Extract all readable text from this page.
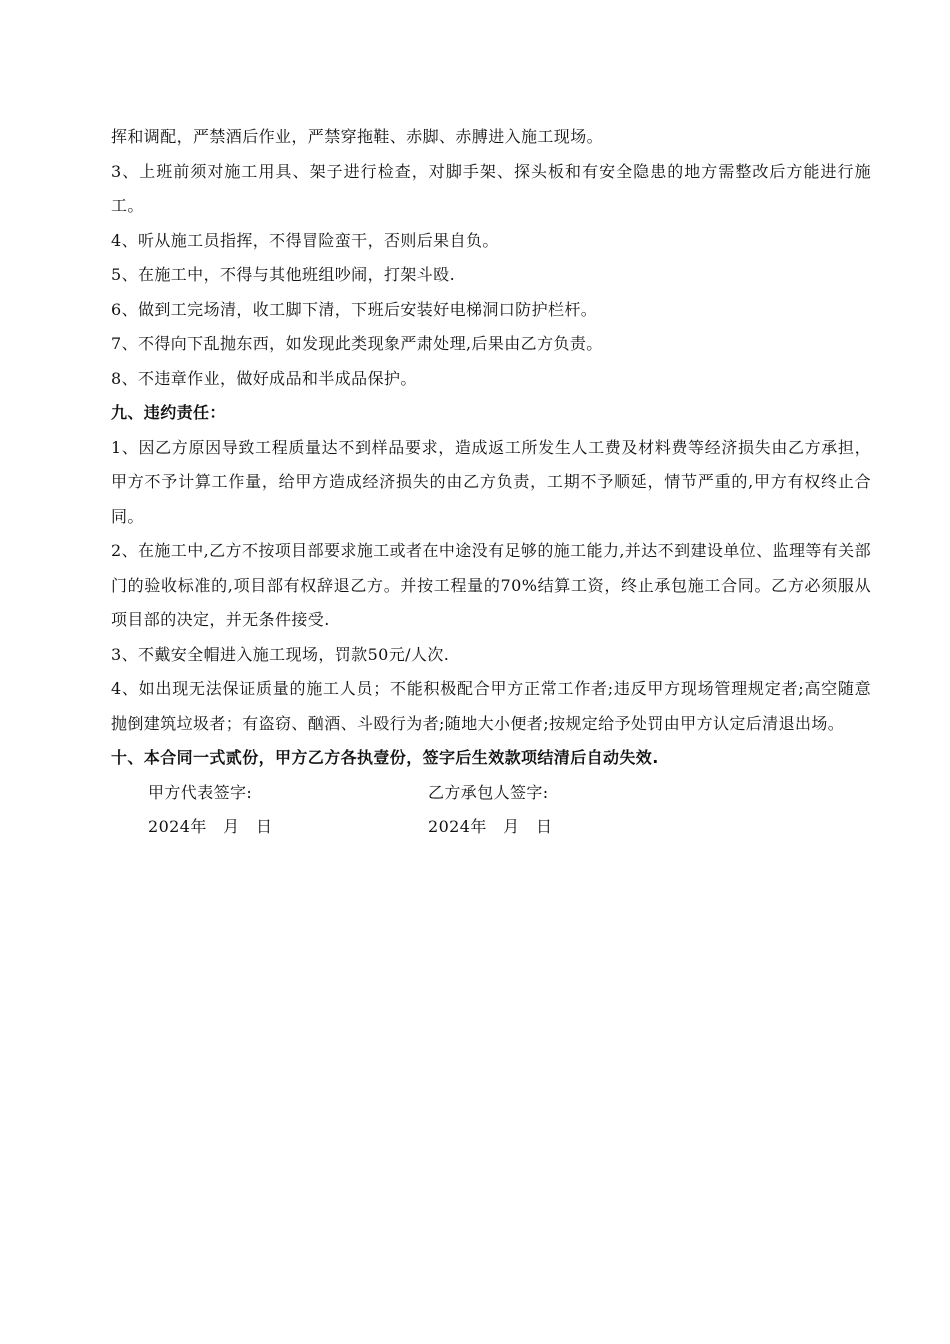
挥和调配，严禁酒后作业，严禁穿拖鞋、赤脚、赤膊进入施工现场。

3、上班前须对施工用具、架子进行检查，对脚手架、探头板和有安全隐患的地方需整改后方能进行施工。

4、听从施工员指挥，不得冒险蛮干，否则后果自负。

5、在施工中，不得与其他班组吵闹，打架斗殴.

6、做到工完场清，收工脚下清，下班后安装好电梯洞口防护栏杆。

7、不得向下乱抛东西，如发现此类现象严肃处理,后果由乙方负责。

8、不违章作业，做好成品和半成品保护。

九、违约责任：

1、因乙方原因导致工程质量达不到样品要求，造成返工所发生人工费及材料费等经济损失由乙方承担，甲方不予计算工作量，给甲方造成经济损失的由乙方负责，工期不予顺延，情节严重的,甲方有权终止合同。

2、在施工中,乙方不按项目部要求施工或者在中途没有足够的施工能力,并达不到建设单位、监理等有关部门的验收标准的,项目部有权辞退乙方。并按工程量的70%结算工资，终止承包施工合同。乙方必须服从项目部的决定，并无条件接受.

3、不戴安全帽进入施工现场，罚款50元/人次.

4、如出现无法保证质量的施工人员；不能积极配合甲方正常工作者;违反甲方现场管理规定者;高空随意抛倒建筑垃圾者；有盗窃、酗酒、斗殴行为者;随地大小便者;按规定给予处罚由甲方认定后清退出场。

十、本合同一式贰份，甲方乙方各执壹份，签字后生效款项结清后自动失效.

甲方代表签字:	乙方承包人签字:
2024年   月   日	2024年   月   日
